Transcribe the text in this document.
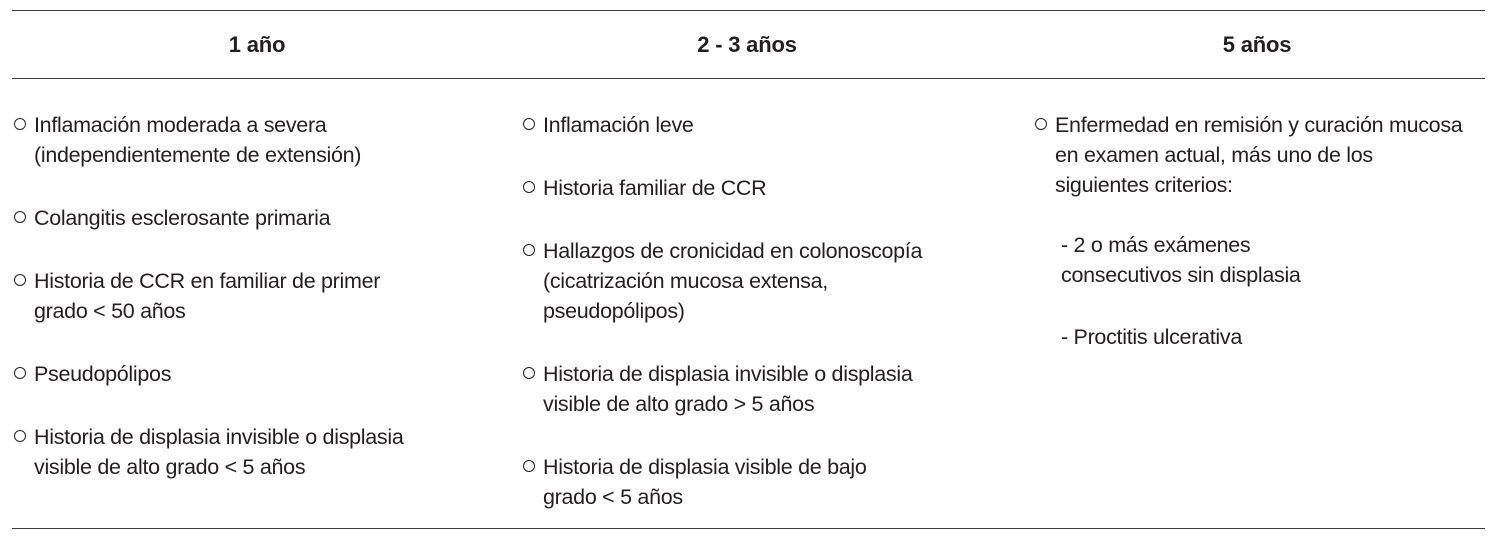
1 año	2 - 3 años	5 años
Inflamación moderada a severa
(independientemente de extensión)
Colangitis esclerosante primaria
Historia de CCR en familiar de primer
grado < 50 años
Pseudopólipos
Historia de displasia invisible o displasia
visible de alto grado < 5 años
Inflamación leve
Historia familiar de CCR
Hallazgos de cronicidad en colonoscopía
(cicatrización mucosa extensa,
pseudopólipos)
Historia de displasia invisible o displasia
visible de alto grado > 5 años
Historia de displasia visible de bajo
grado < 5 años
Enfermedad en remisión y curación mucosa
en examen actual, más uno de los
siguientes criterios:
- 2 o más exámenes
consecutivos sin displasia
- Proctitis ulcerativa
